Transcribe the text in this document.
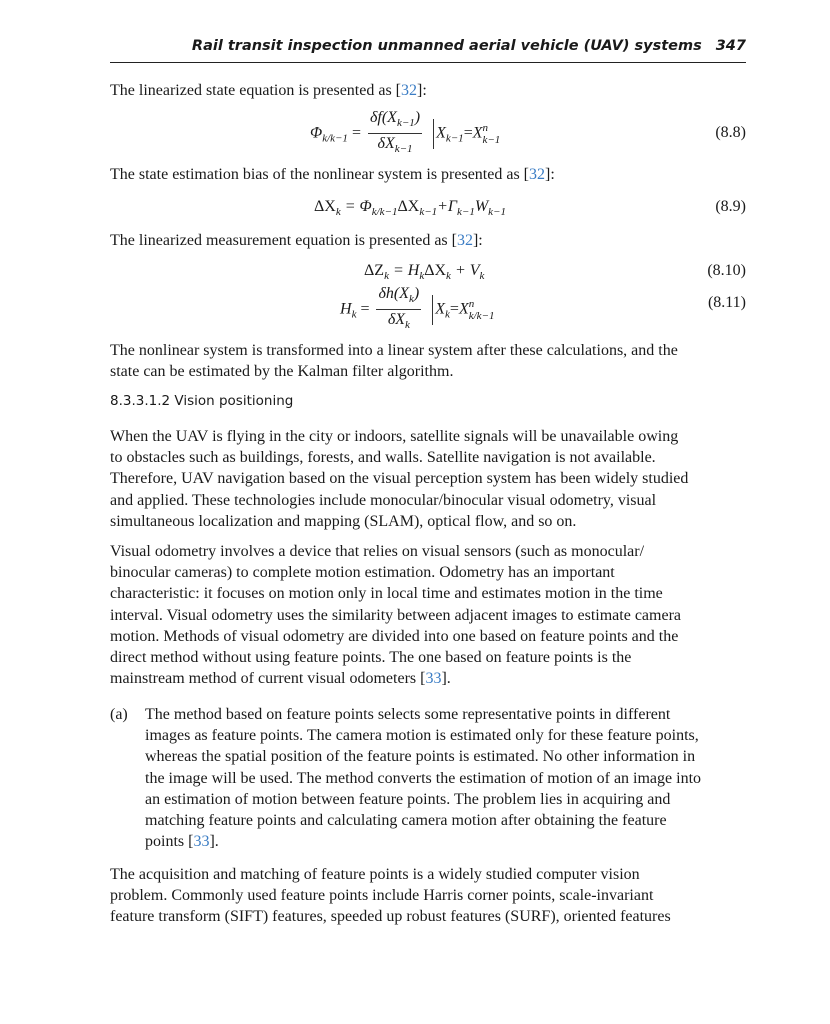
Rail transit inspection unmanned aerial vehicle (UAV) systems 347
The linearized state equation is presented as [32]:
$\Phi_{k/k-1} = \frac{\delta f(X_{k-1})}{\delta X_{k-1}} X_{k-1}=X$ n
k−1	(8.8)
The state estimation bias of the nonlinear system is presented as [32]:
$\Delta X_k = \Phi_{k/k-1}\Delta X_{k-1}+\Gamma_{k-1}W_{k-1}$	(8.9)
The linearized measurement equation is presented as [32]:
$\Delta Z_k = H_k\Delta X_k + V_k$	(8.10)
$H_k = \frac{\delta h(X_k)}{\delta X_k} X_k=X$ n
k/k−1
(8.11)
The nonlinear system is transformed into a linear system after these calculations, and the
state can be estimated by the Kalman filter algorithm.
8.3.3.1.2 Vision positioning
When the UAV is flying in the city or indoors, satellite signals will be unavailable owing
to obstacles such as buildings, forests, and walls. Satellite navigation is not available.
Therefore, UAV navigation based on the visual perception system has been widely studied
and applied. These technologies include monocular/binocular visual odometry, visual
simultaneous localization and mapping (SLAM), optical flow, and so on.
Visual odometry involves a device that relies on visual sensors (such as monocular/
binocular cameras) to complete motion estimation. Odometry has an important
characteristic: it focuses on motion only in local time and estimates motion in the time
interval. Visual odometry uses the similarity between adjacent images to estimate camera
motion. Methods of visual odometry are divided into one based on feature points and the
direct method without using feature points. The one based on feature points is the
mainstream method of current visual odometers [33].
(a) The method based on feature points selects some representative points in different
images as feature points. The camera motion is estimated only for these feature points,
whereas the spatial position of the feature points is estimated. No other information in
the image will be used. The method converts the estimation of motion of an image into
an estimation of motion between feature points. The problem lies in acquiring and
matching feature points and calculating camera motion after obtaining the feature
points [33].
The acquisition and matching of feature points is a widely studied computer vision
problem. Commonly used feature points include Harris corner points, scale-invariant
feature transform (SIFT) features, speeded up robust features (SURF), oriented features
